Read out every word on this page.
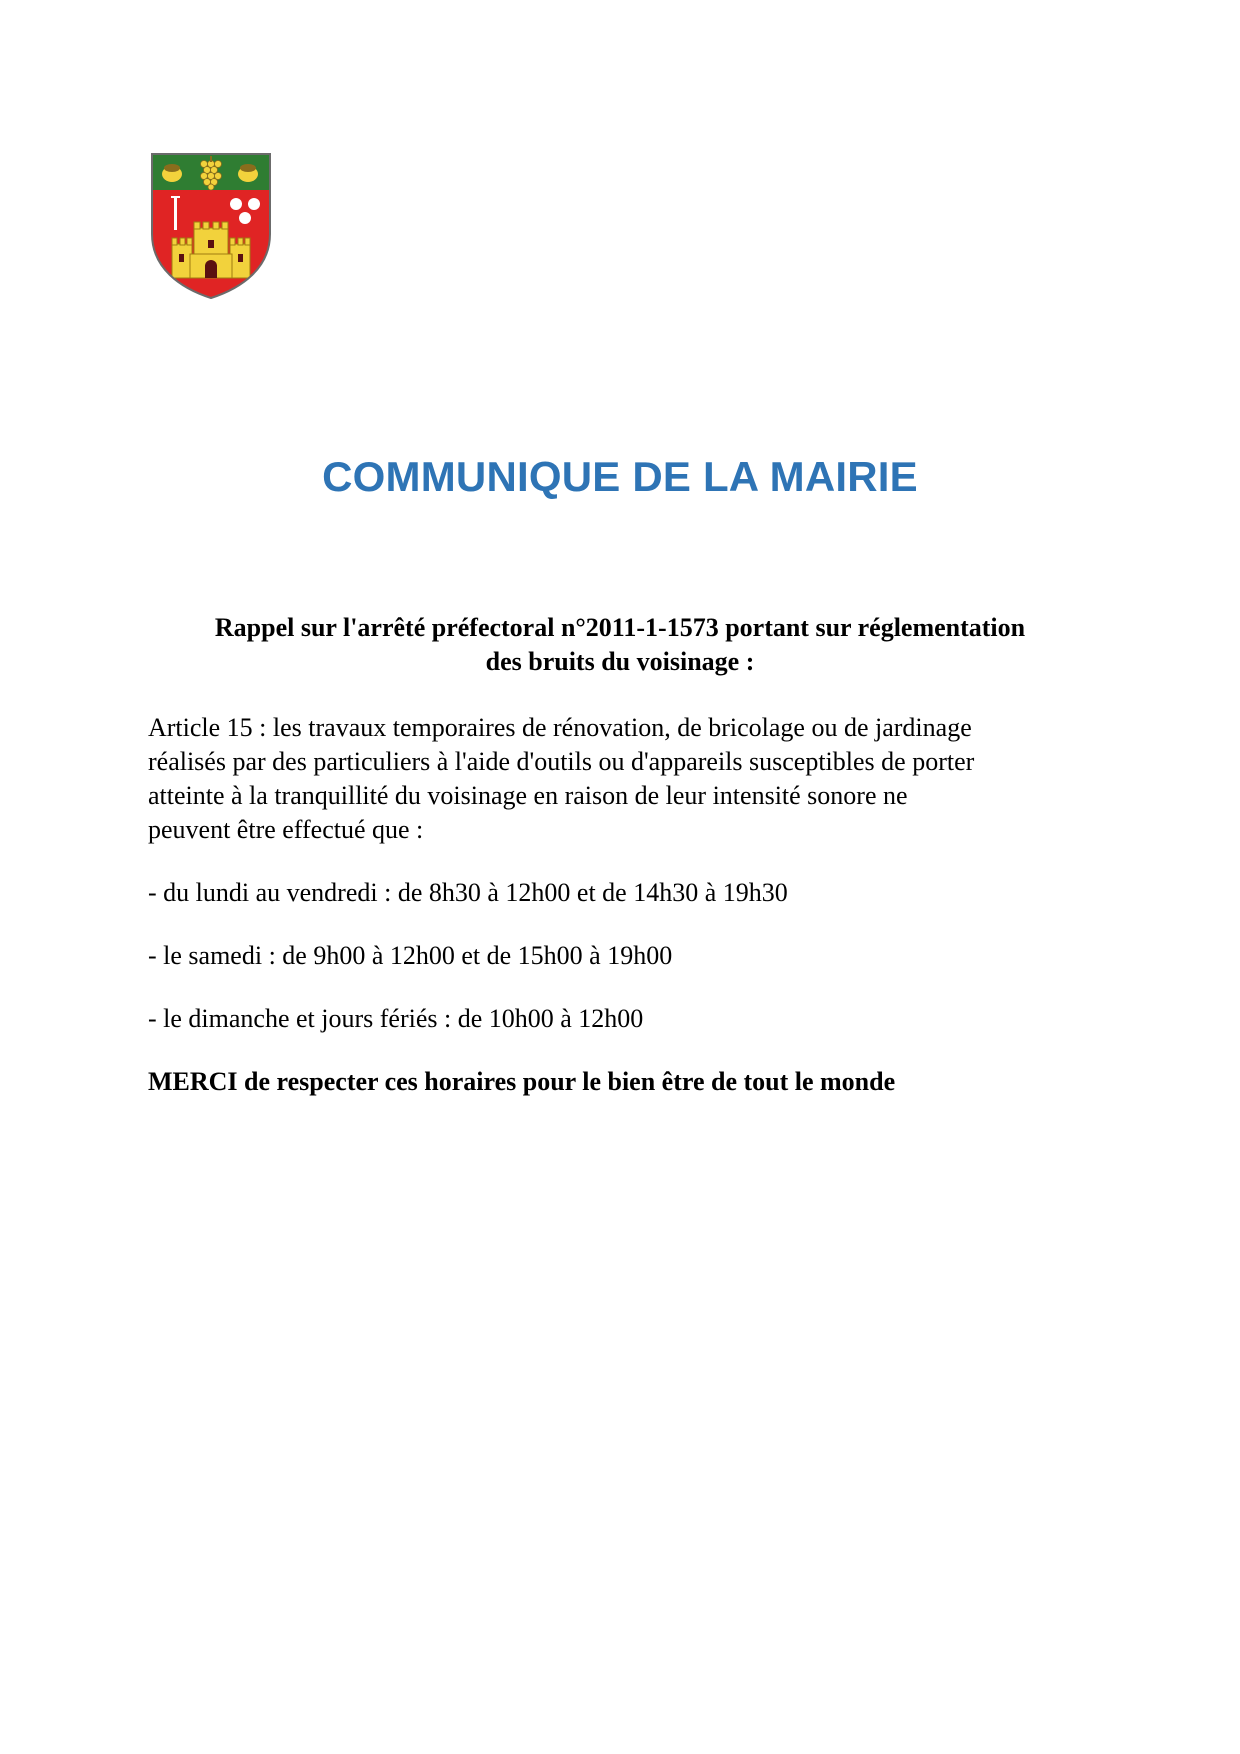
COMMUNIQUE DE LA MAIRIE
Rappel sur l'arrêté préfectoral n°2011-1-1573 portant sur réglementation
des bruits du voisinage :
Article 15 : les travaux temporaires de rénovation, de bricolage ou de jardinage
réalisés par des particuliers à l'aide d'outils ou d'appareils susceptibles de porter
atteinte à la tranquillité du voisinage en raison de leur intensité sonore ne
peuvent être effectué que :
- du lundi au vendredi : de 8h30 à 12h00 et de 14h30 à 19h30
- le samedi : de 9h00 à 12h00 et de 15h00 à 19h00
- le dimanche et jours fériés : de 10h00 à 12h00
MERCI de respecter ces horaires pour le bien être de tout le monde
